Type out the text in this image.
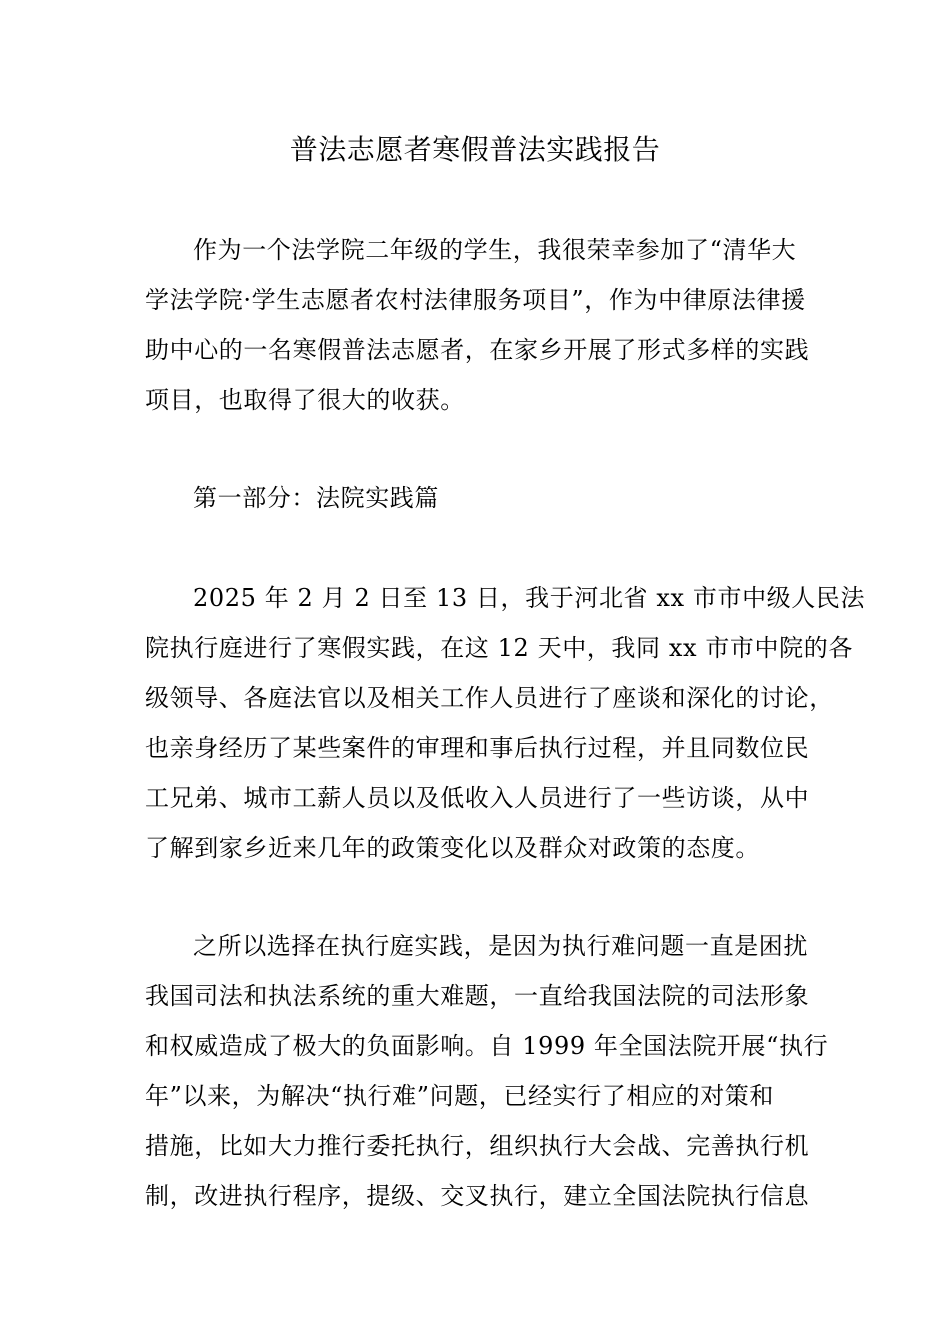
普法志愿者寒假普法实践报告
作为一个法学院二年级的学生，我很荣幸参加了“清华大
学法学院·学生志愿者农村法律服务项目”，作为中律原法律援
助中心的一名寒假普法志愿者，在家乡开展了形式多样的实践
项目，也取得了很大的收获。
第一部分：法院实践篇
2025 年 2 月 2 日至 13 日，我于河北省 xx 市市中级人民法
院执行庭进行了寒假实践，在这 12 天中，我同 xx 市市中院的各
级领导、各庭法官以及相关工作人员进行了座谈和深化的讨论，
也亲身经历了某些案件的审理和事后执行过程，并且同数位民
工兄弟、城市工薪人员以及低收入人员进行了一些访谈，从中
了解到家乡近来几年的政策变化以及群众对政策的态度。
之所以选择在执行庭实践，是因为执行难问题一直是困扰
我国司法和执法系统的重大难题，一直给我国法院的司法形象
和权威造成了极大的负面影响。自 1999 年全国法院开展“执行
年”以来，为解决“执行难”问题，已经实行了相应的对策和
措施，比如大力推行委托执行，组织执行大会战、完善执行机
制，改进执行程序，提级、交叉执行，建立全国法院执行信息
